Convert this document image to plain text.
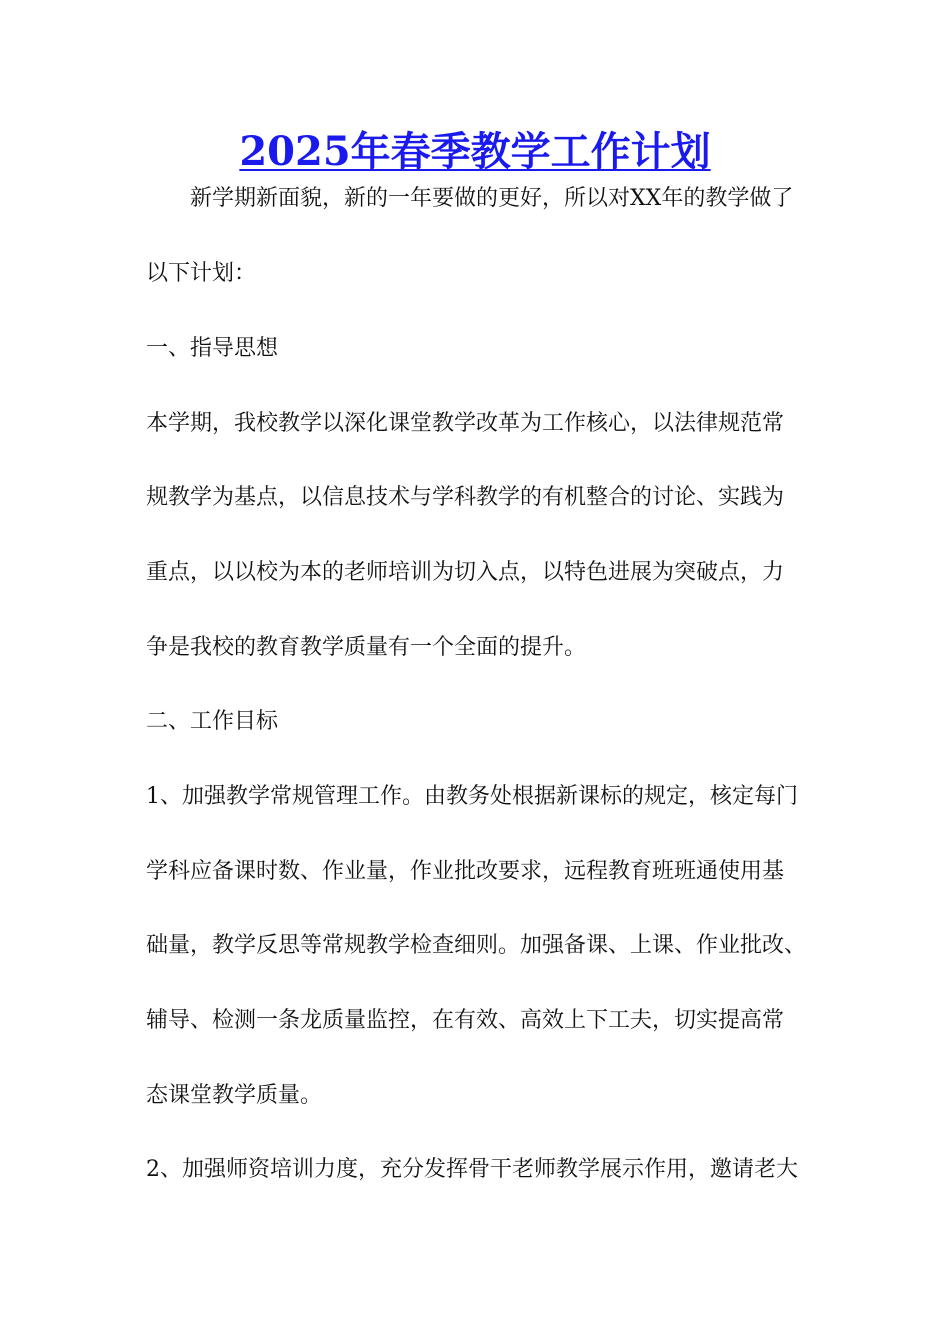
2025年春季教学工作计划
新学期新面貌，新的一年要做的更好，所以对XX年的教学做了
以下计划：
一、指导思想
本学期，我校教学以深化课堂教学改革为工作核心，以法律规范常
规教学为基点，以信息技术与学科教学的有机整合的讨论、实践为
重点，以以校为本的老师培训为切入点，以特色进展为突破点，力
争是我校的教育教学质量有一个全面的提升。
二、工作目标
1、加强教学常规管理工作。由教务处根据新课标的规定，核定每门
学科应备课时数、作业量，作业批改要求，远程教育班班通使用基
础量，教学反思等常规教学检查细则。加强备课、上课、作业批改、
辅导、检测一条龙质量监控，在有效、高效上下工夫，切实提高常
态课堂教学质量。
2、加强师资培训力度，充分发挥骨干老师教学展示作用，邀请老大
